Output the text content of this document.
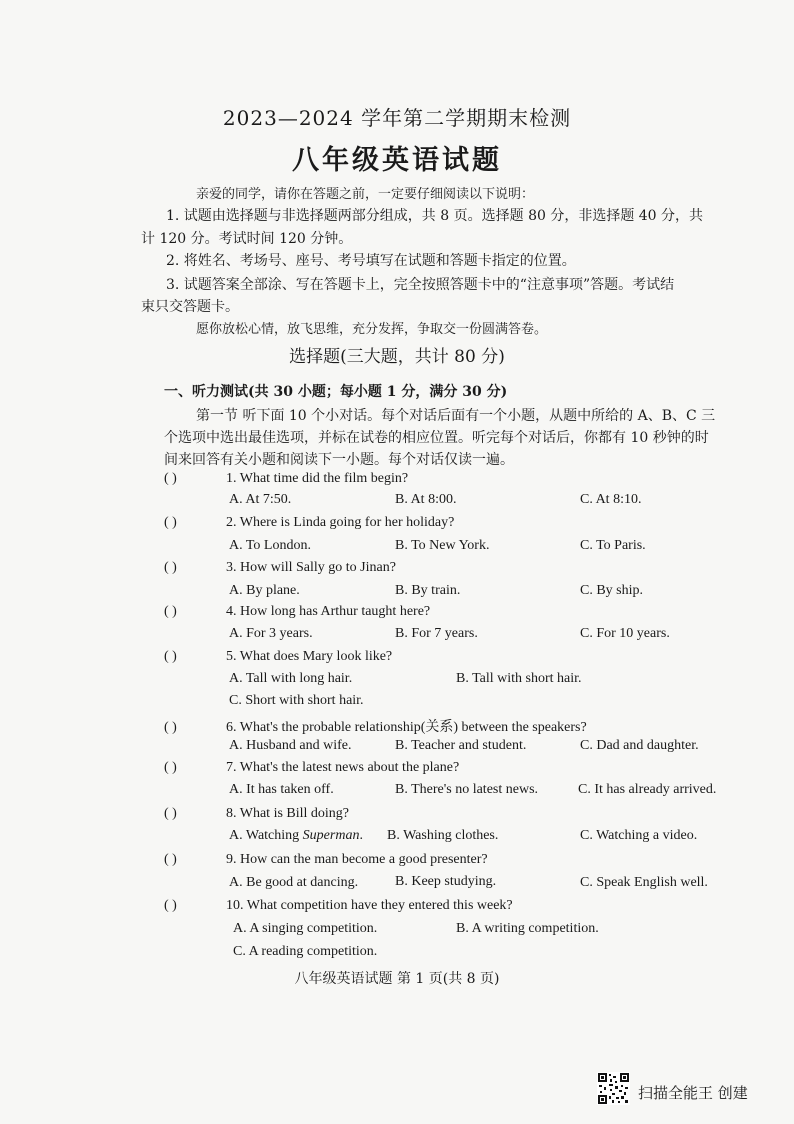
2023—2024 学年第二学期期末检测
八年级英语试题
亲爱的同学，请你在答题之前，一定要仔细阅读以下说明：
1. 试题由选择题与非选择题两部分组成，共 8 页。选择题 80 分，非选择题 40 分，共
计 120 分。考试时间 120 分钟。
2. 将姓名、考场号、座号、考号填写在试题和答题卡指定的位置。
3. 试题答案全部涂、写在答题卡上，完全按照答题卡中的“注意事项”答题。考试结
束只交答题卡。
愿你放松心情，放飞思维，充分发挥，争取交一份圆满答卷。
选择题(三大题，共计 80 分)
一、听力测试(共 30 小题；每小题 1 分，满分 30 分)
第一节 听下面 10 个小对话。每个对话后面有一个小题，从题中所给的 A、B、C 三
个选项中选出最佳选项，并标在试卷的相应位置。听完每个对话后，你都有 10 秒钟的时
间来回答有关小题和阅读下一小题。每个对话仅读一遍。
( )	1. What time did the film begin?
A. At 7:50.	B. At 8:00.	C. At 8:10.
( )	2. Where is Linda going for her holiday?
A. To London.	B. To New York.	C. To Paris.
( )	3. How will Sally go to Jinan?
A. By plane.	B. By train.	C. By ship.
( )	4. How long has Arthur taught here?
A. For 3 years.	B. For 7 years.	C. For 10 years.
( )	5. What does Mary look like?
A. Tall with long hair.	B. Tall with short hair.
C. Short with short hair.
( )	6. What's the probable relationship(关系) between the speakers?
A. Husband and wife.	B. Teacher and student.	C. Dad and daughter.
( )	7. What's the latest news about the plane?
A. It has taken off.	B. There's no latest news.	C. It has already arrived.
( )	8. What is Bill doing?
A. Watching Superman. B. Washing clothes.	C. Watching a video.
( )	9. How can the man become a good presenter?
A. Be good at dancing.	B. Keep studying.	C. Speak English well.
( )	10. What competition have they entered this week?
A. A singing competition.	B. A writing competition.
C. A reading competition.
八年级英语试题 第 1 页(共 8 页)
扫描全能王 创建
